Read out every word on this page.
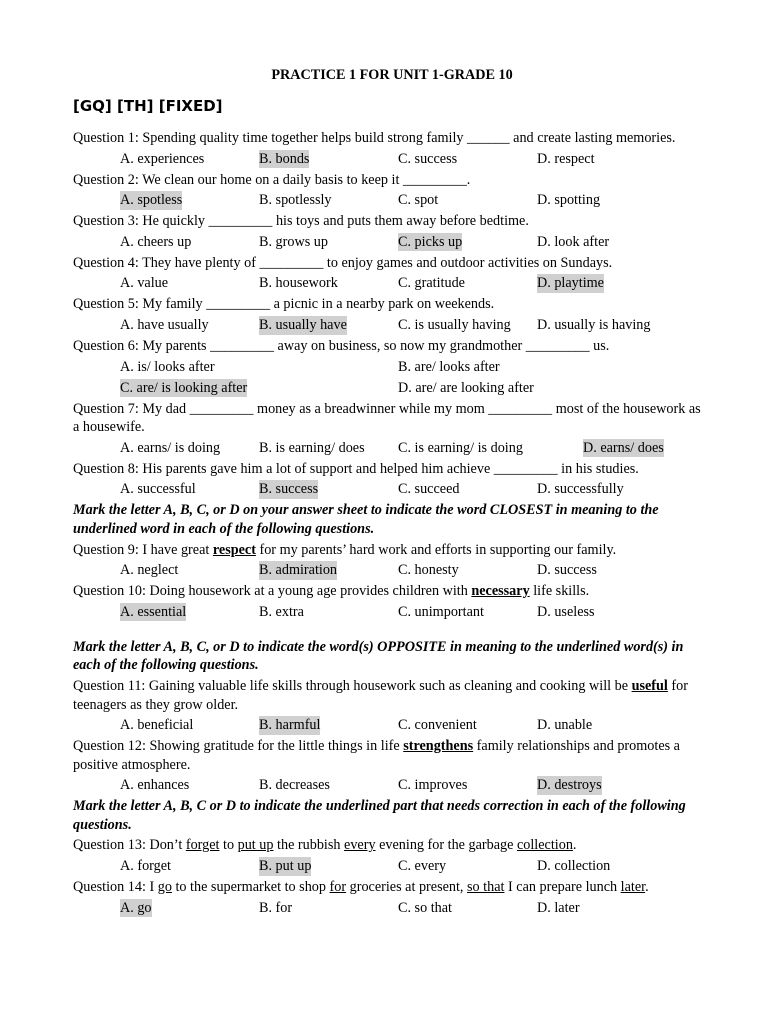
PRACTICE 1 FOR UNIT 1-GRADE 10
[GQ] [TH] [FIXED]

Question 1: Spending quality time together helps build strong family ______ and create lasting memories.

A. experiences	B. bonds	C. success	D. respect

Question 2: We clean our home on a daily basis to keep it _________.

A. spotless	B. spotlessly	C. spot	D. spotting

Question 3: He quickly _________ his toys and puts them away before bedtime.

A. cheers up	B. grows up	C. picks up	D. look after

Question 4: They have plenty of _________ to enjoy games and outdoor activities on Sundays.

A. value	B. housework	C. gratitude	D. playtime

Question 5: My family _________ a picnic in a nearby park on weekends.

A. have usually	B. usually have	C. is usually having D. usually is having

Question 6: My parents _________ away on business, so now my grandmother _________ us.

A. is/ looks after	B. are/ looks after
C. are/ is looking after	D. are/ are looking after

Question 7: My dad _________ money as a breadwinner while my mom _________ most of the housework as a housewife.

A. earns/ is doing	B. is earning/ does C. is earning/ is doing	D. earns/ does

Question 8: His parents gave him a lot of support and helped him achieve _________ in his studies.

A. successful	B. success	C. succeed	D. successfully

Mark the letter A, B, C, or D on your answer sheet to indicate the word CLOSEST in meaning to the underlined word in each of the following questions.

Question 9: I have great respect for my parents’ hard work and efforts in supporting our family.

A. neglect	B. admiration	C. honesty	D. success

Question 10: Doing housework at a young age provides children with necessary life skills.

A. essential	B. extra	C. unimportant	D. useless

Mark the letter A, B, C, or D to indicate the word(s) OPPOSITE in meaning to the underlined word(s) in each of the following questions.

Question 11: Gaining valuable life skills through housework such as cleaning and cooking will be useful for teenagers as they grow older.

A. beneficial	B. harmful	C. convenient	D. unable

Question 12: Showing gratitude for the little things in life strengthens family relationships and promotes a positive atmosphere.

A. enhances	B. decreases	C. improves	D. destroys

Mark the letter A, B, C or D to indicate the underlined part that needs correction in each of the following questions.

Question 13: Don’t forget to put up the rubbish every evening for the garbage collection.

A. forget	B. put up	C. every	D. collection

Question 14: I go to the supermarket to shop for groceries at present, so that I can prepare lunch later.

A. go	B. for	C. so that	D. later
